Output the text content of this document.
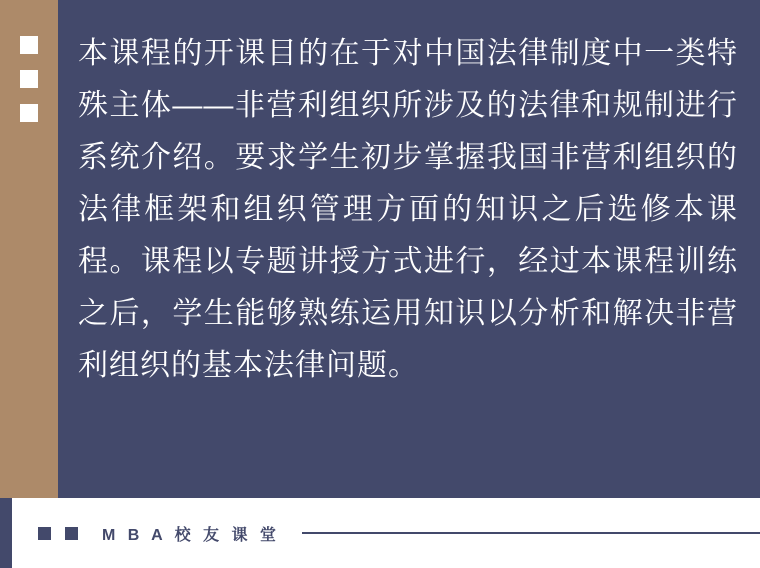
本课程的开课目的在于对中国法律制度中一类特殊主体——非营利组织所涉及的法律和规制进行系统介绍。要求学生初步掌握我国非营利组织的法律框架和组织管理方面的知识之后选修本课程。课程以专题讲授方式进行，经过本课程训练之后，学生能够熟练运用知识以分析和解决非营利组织的基本法律问题。
M B A 校 友 课 堂
